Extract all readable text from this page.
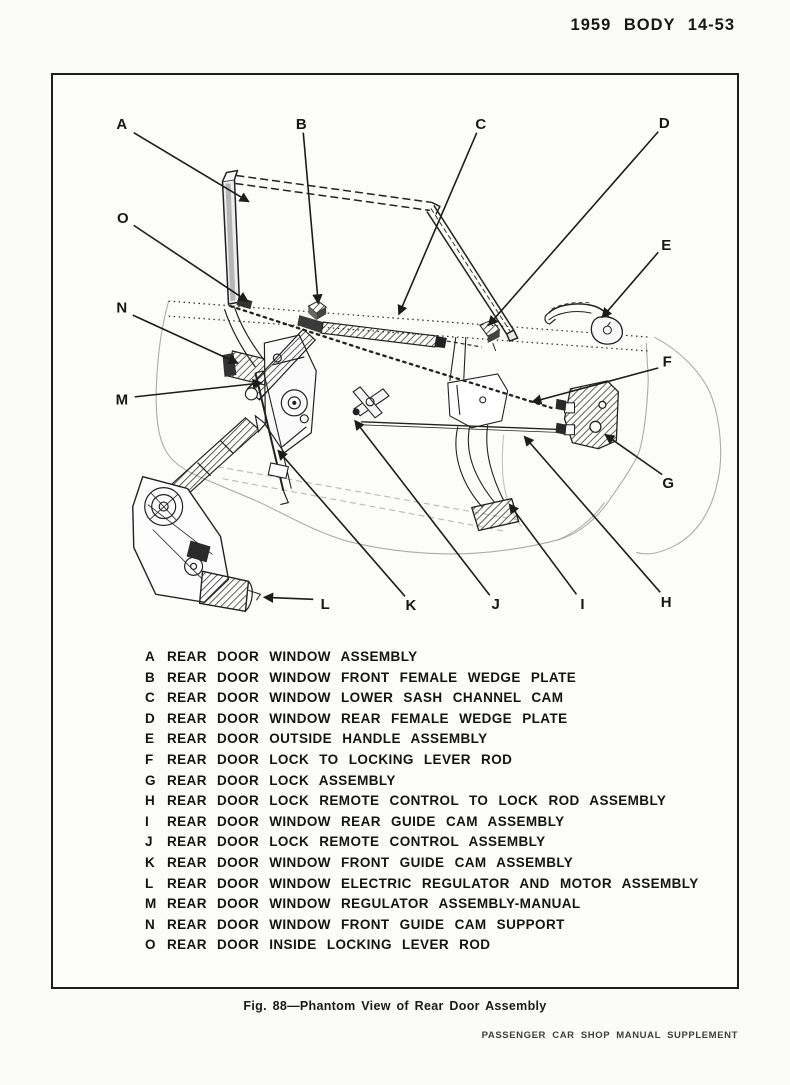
1959 BODY 14-53
A	B	C	D
E
F
G
H
I
J
K
L
M
N
O
A REAR DOOR WINDOW ASSEMBLY
B REAR DOOR WINDOW FRONT FEMALE WEDGE PLATE
C REAR DOOR WINDOW LOWER SASH CHANNEL CAM
D REAR DOOR WINDOW REAR FEMALE WEDGE PLATE
E REAR DOOR OUTSIDE HANDLE ASSEMBLY
F REAR DOOR LOCK TO LOCKING LEVER ROD
G REAR DOOR LOCK ASSEMBLY
H REAR DOOR LOCK REMOTE CONTROL TO LOCK ROD ASSEMBLY
I REAR DOOR WINDOW REAR GUIDE CAM ASSEMBLY
J REAR DOOR LOCK REMOTE CONTROL ASSEMBLY
K REAR DOOR WINDOW FRONT GUIDE CAM ASSEMBLY
L REAR DOOR WINDOW ELECTRIC REGULATOR AND MOTOR ASSEMBLY
M REAR DOOR WINDOW REGULATOR ASSEMBLY-MANUAL
N REAR DOOR WINDOW FRONT GUIDE CAM SUPPORT
O REAR DOOR INSIDE LOCKING LEVER ROD
Fig. 88—Phantom View of Rear Door Assembly
PASSENGER CAR SHOP MANUAL SUPPLEMENT
